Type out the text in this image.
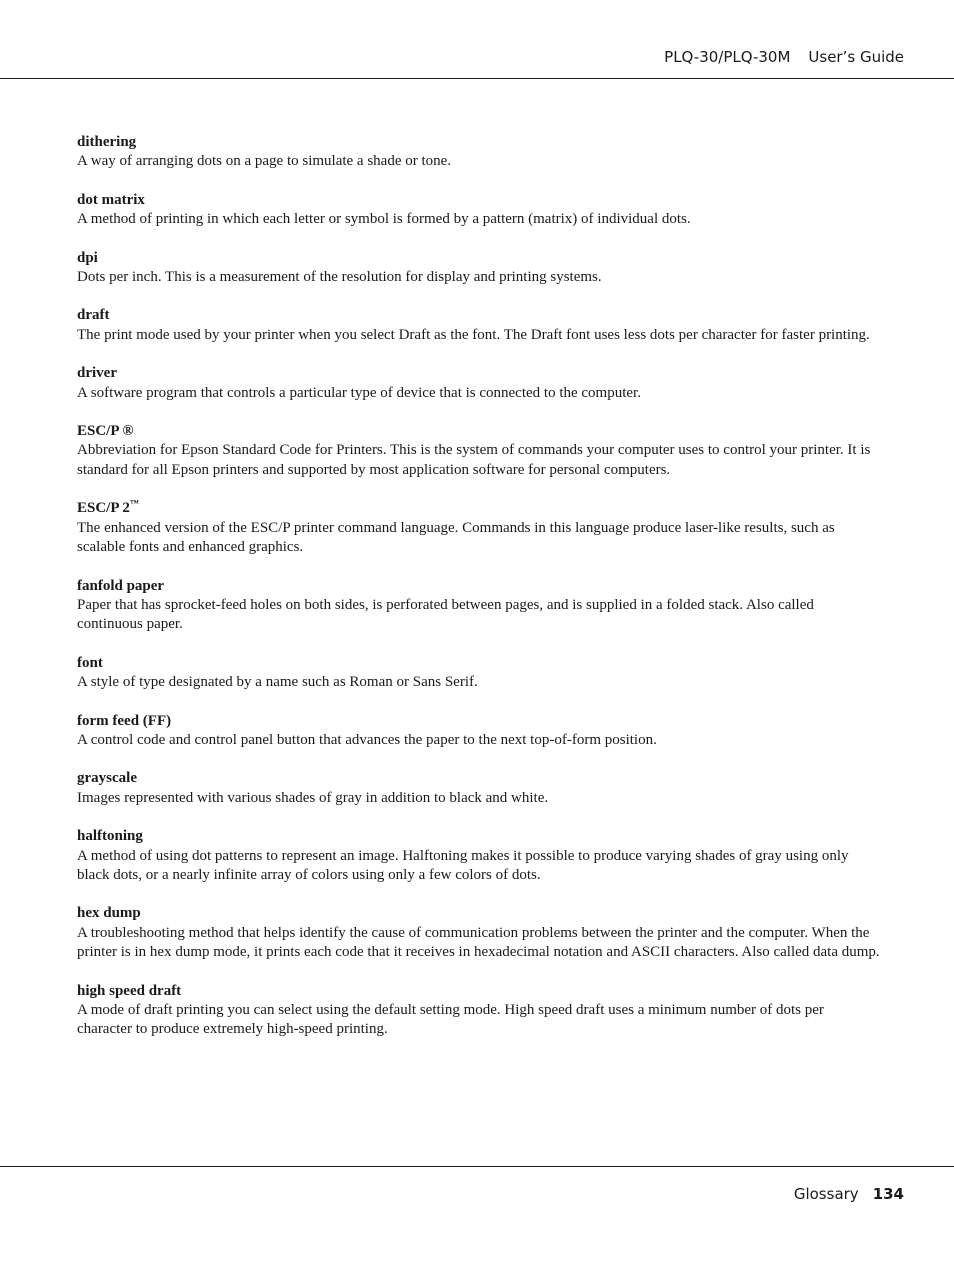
PLQ-30/PLQ-30M User’s Guide
dithering
A way of arranging dots on a page to simulate a shade or tone.
dot matrix
A method of printing in which each letter or symbol is formed by a pattern (matrix) of individual dots.
dpi
Dots per inch. This is a measurement of the resolution for display and printing systems.
draft
The print mode used by your printer when you select Draft as the font. The Draft font uses less dots per character for faster printing.
driver
A software program that controls a particular type of device that is connected to the computer.
ESC/P ®
Abbreviation for Epson Standard Code for Printers. This is the system of commands your computer uses to control your printer. It is standard for all Epson printers and supported by most application software for personal computers.
ESC/P 2™
The enhanced version of the ESC/P printer command language. Commands in this language produce laser-like results, such as scalable fonts and enhanced graphics.
fanfold paper
Paper that has sprocket-feed holes on both sides, is perforated between pages, and is supplied in a folded stack. Also called continuous paper.
font
A style of type designated by a name such as Roman or Sans Serif.
form feed (FF)
A control code and control panel button that advances the paper to the next top-of-form position.
grayscale
Images represented with various shades of gray in addition to black and white.
halftoning
A method of using dot patterns to represent an image. Halftoning makes it possible to produce varying shades of gray using only black dots, or a nearly infinite array of colors using only a few colors of dots.
hex dump
A troubleshooting method that helps identify the cause of communication problems between the printer and the computer. When the printer is in hex dump mode, it prints each code that it receives in hexadecimal notation and ASCII characters. Also called data dump.
high speed draft
A mode of draft printing you can select using the default setting mode. High speed draft uses a minimum number of dots per character to produce extremely high-speed printing.
Glossary 134
